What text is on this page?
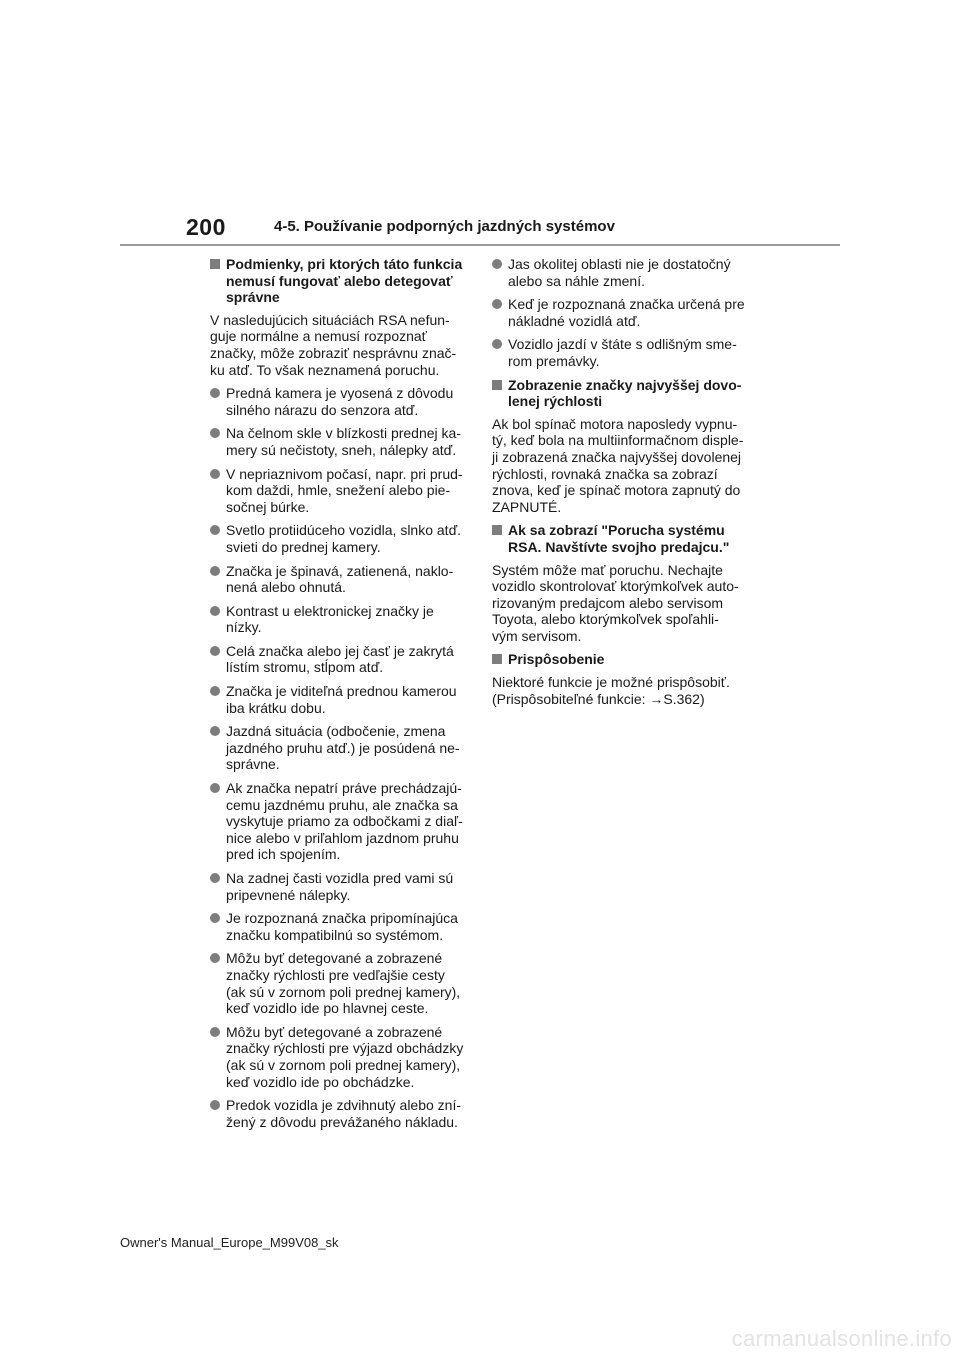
200	4-5. Používanie podporných jazdných systémov
Podmienky, pri ktorých táto funkcia nemusí fungovať alebo detegovať správne
V nasledujúcich situáciách RSA nefun- guje normálne a nemusí rozpoznať značky, môže zobraziť nesprávnu znač- ku atď. To však neznamená poruchu.
Predná kamera je vyosená z dôvodu silného nárazu do senzora atď.
Na čelnom skle v blízkosti prednej ka- mery sú nečistoty, sneh, nálepky atď.
V nepriaznivom počasí, napr. pri prud- kom daždi, hmle, snežení alebo pie- sočnej búrke.
Svetlo protiidúceho vozidla, slnko atď. svieti do prednej kamery.
Značka je špinavá, zatienená, naklo- nená alebo ohnutá.
Kontrast u elektronickej značky je nízky.
Celá značka alebo jej časť je zakrytá lístím stromu, stĺpom atď.
Značka je viditeľná prednou kamerou iba krátku dobu.
Jazdná situácia (odbočenie, zmena jazdného pruhu atď.) je posúdená ne- správne.
Ak značka nepatrí práve prechádzajú- cemu jazdnému pruhu, ale značka sa vyskytuje priamo za odbočkami z diaľ- nice alebo v priľahlom jazdnom pruhu pred ich spojením.
Na zadnej časti vozidla pred vami sú pripevnené nálepky.
Je rozpoznaná značka pripomínajúca značku kompatibilnú so systémom.
Môžu byť detegované a zobrazené značky rýchlosti pre vedľajšie cesty (ak sú v zornom poli prednej kamery), keď vozidlo ide po hlavnej ceste.
Môžu byť detegované a zobrazené značky rýchlosti pre výjazd obchádzky (ak sú v zornom poli prednej kamery), keď vozidlo ide po obchádzke.
Predok vozidla je zdvihnutý alebo zní- žený z dôvodu prevážaného nákladu.
Jas okolitej oblasti nie je dostatočný alebo sa náhle zmení.
Keď je rozpoznaná značka určená pre nákladné vozidlá atď.
Vozidlo jazdí v štáte s odlišným sme- rom premávky.
Zobrazenie značky najvyššej dovo- lenej rýchlosti
Ak bol spínač motora naposledy vypnu- tý, keď bola na multiinformačnom disple- ji zobrazená značka najvyššej dovolenej rýchlosti, rovnaká značka sa zobrazí znova, keď je spínač motora zapnutý do ZAPNUTÉ.
Ak sa zobrazí "Porucha systému RSA. Navštívte svojho predajcu."
Systém môže mať poruchu. Nechajte vozidlo skontrolovať ktorýmkoľvek auto- rizovaným predajcom alebo servisom Toyota, alebo ktorýmkoľvek spoľahli- vým servisom.
Prispôsobenie
Niektoré funkcie je možné prispôsobiť. (Prispôsobiteľné funkcie: →S.362)
Owner's Manual_Europe_M99V08_sk
carmanualsonline.info
